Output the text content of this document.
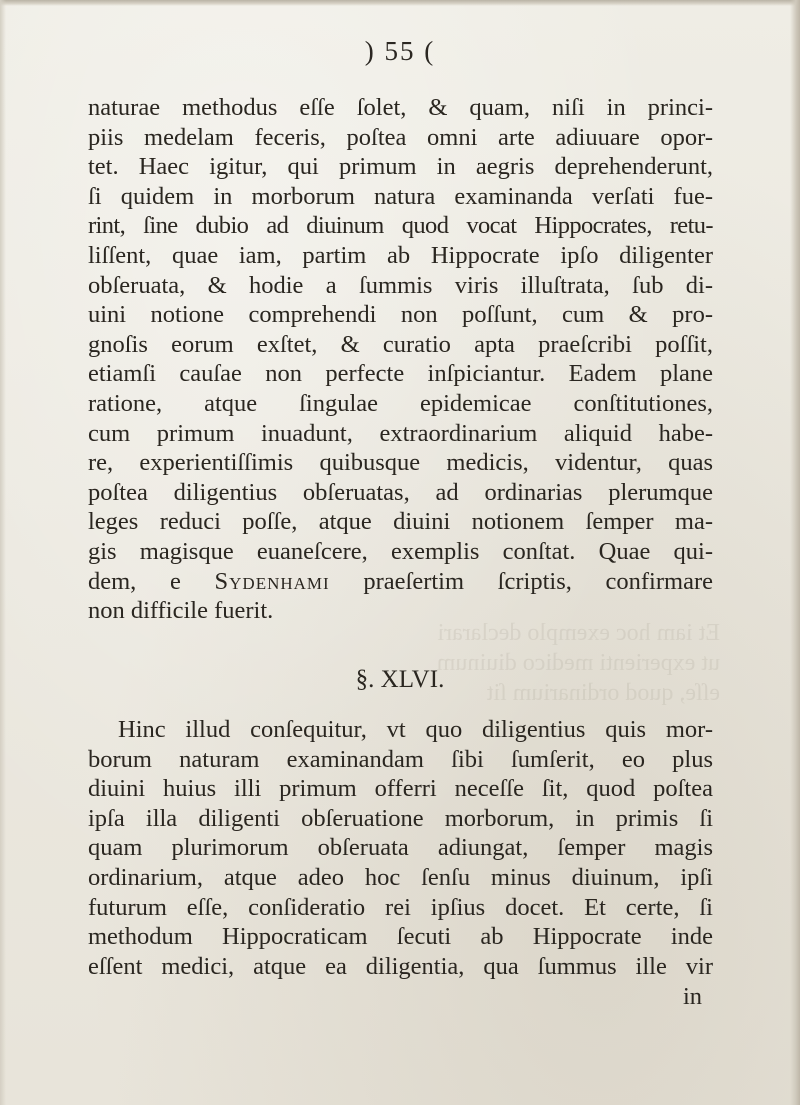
Et iam hoc exemplo declarari
ut experienti medico diuinum
eſſe, quod ordinarium ſit
) 55 (
naturae methodus eſſe ſolet, & quam, niſi in princi-
piis medelam feceris, poſtea omni arte adiuuare opor-
tet. Haec igitur, qui primum in aegris deprehenderunt,
ſi quidem in morborum natura examinanda verſati fue-
rint, ſine dubio ad diuinum quod vocat Hippocrates, retu-
liſſent, quae iam, partim ab Hippocrate ipſo diligenter
obſeruata, & hodie a ſummis viris illuſtrata, ſub di-
uini notione comprehendi non poſſunt, cum & pro-
gnoſis eorum exſtet, & curatio apta praeſcribi poſſit,
etiamſi cauſae non perfecte inſpiciantur. Eadem plane
ratione, atque ſingulae epidemicae conſtitutiones,
cum primum inuadunt, extraordinarium aliquid habe-
re, experientiſſimis quibusque medicis, videntur, quas
poſtea diligentius obſeruatas, ad ordinarias plerumque
leges reduci poſſe, atque diuini notionem ſemper ma-
gis magisque euaneſcere, exemplis conſtat. Quae qui-
dem, e Sydenhami praeſertim ſcriptis, confirmare
non difficile fuerit.
§. XLVI.
Hinc illud conſequitur, vt quo diligentius quis mor-
borum naturam examinandam ſibi ſumſerit, eo plus
diuini huius illi primum offerri neceſſe ſit, quod poſtea
ipſa illa diligenti obſeruatione morborum, in primis ſi
quam plurimorum obſeruata adiungat, ſemper magis
ordinarium, atque adeo hoc ſenſu minus diuinum, ipſi
futurum eſſe, conſideratio rei ipſius docet. Et certe, ſi
methodum Hippocraticam ſecuti ab Hippocrate inde
eſſent medici, atque ea diligentia, qua ſummus ille vir
in
